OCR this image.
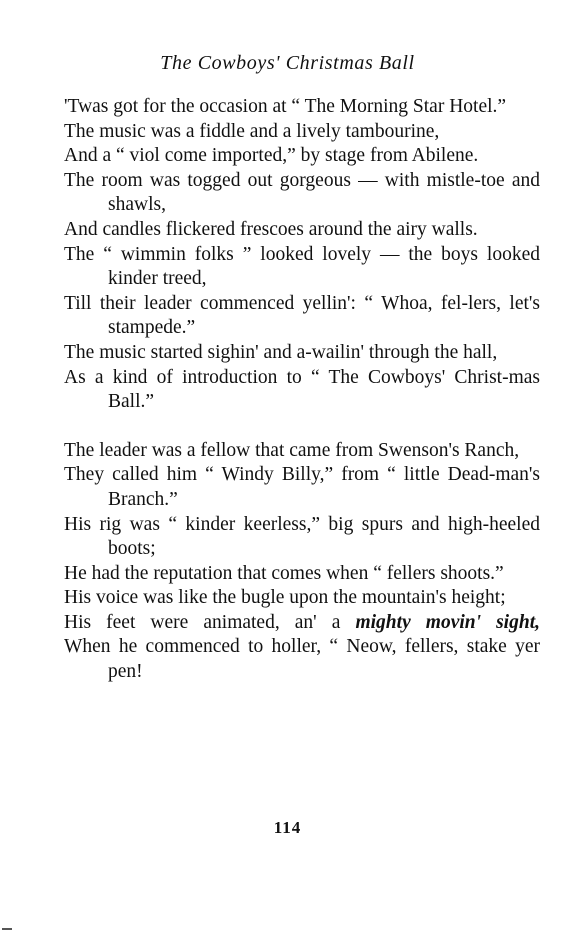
The Cowboys' Christmas Ball
'Twas got for the occasion at “ The Morning Star Hotel.”
The music was a fiddle and a lively tambourine,
And a “ viol come imported,” by stage from Abilene.
The room was togged out gorgeous — with mistle-toe and shawls,
And candles flickered frescoes around the airy walls.
The “ wimmin folks ” looked lovely — the boys looked kinder treed,
Till their leader commenced yellin': “ Whoa, fel-lers, let's stampede.”
The music started sighin' and a-wailin' through the hall,
As a kind of introduction to “ The Cowboys' Christ-mas Ball.”
The leader was a fellow that came from Swenson's Ranch,
They called him “ Windy Billy,” from “ little Dead-man's Branch.”
His rig was “ kinder keerless,” big spurs and high-heeled boots;
He had the reputation that comes when “ fellers shoots.”
His voice was like the bugle upon the mountain's height;
His feet were animated, an' a mighty movin' sight,
When he commenced to holler, “ Neow, fellers, stake yer pen!
114
